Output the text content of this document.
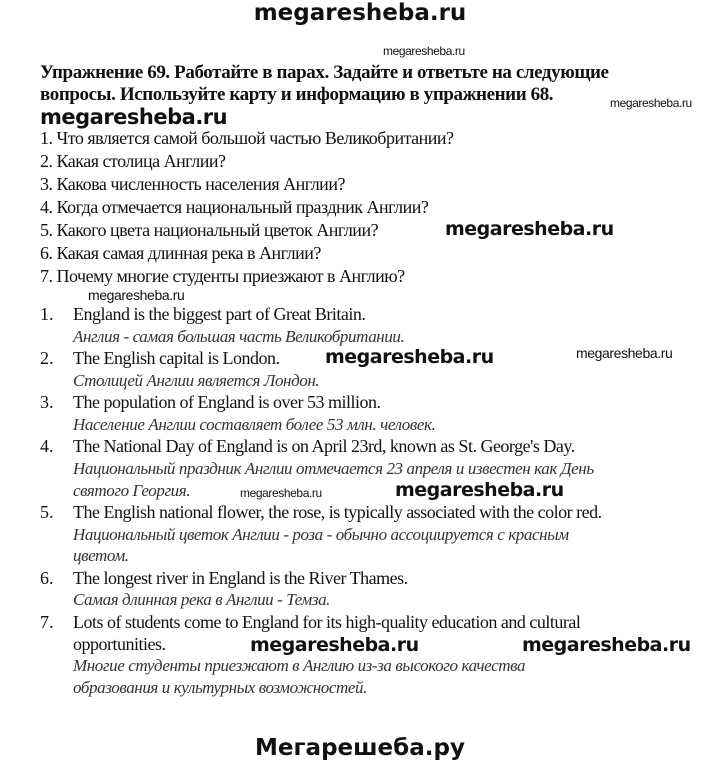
megaresheba.ru
megaresheba.ru
Упражнение 69. Работайте в парах. Задайте и ответьте на следующие
вопросы. Используйте карту и информацию в упражнении 68.	megaresheba.ru
megaresheba.ru
1. Что является самой большой частью Великобритании?
2. Какая столица Англии?
3. Какова численность населения Англии?
4. Когда отмечается национальный праздник Англии?
5. Какого цвета национальный цветок Англии?	megaresheba.ru
6. Какая самая длинная река в Англии?
7. Почему многие студенты приезжают в Англию?
megaresheba.ru
1. England is the biggest part of Great Britain.
Англия - самая большая часть Великобритании.
2. The English capital is London. megaresheba.ru	megaresheba.ru
Столицей Англии является Лондон.
3. The population of England is over 53 million.
Население Англии составляет более 53 млн. человек.
4. The National Day of England is on April 23rd, known as St. George's Day.
Национальный праздник Англии отмечается 23 апреля и известен как День
святого Георгия.	megaresheba.ru	megaresheba.ru
5. The English national flower, the rose, is typically associated with the color red.
Национальный цветок Англии - роза - обычно ассоциируется с красным
цветом.
6. The longest river in England is the River Thames.
Самая длинная река в Англии - Темза.
7. Lots of students come to England for its high-quality education and cultural
opportunities.	megaresheba.ru	megaresheba.ru
Многие студенты приезжают в Англию из-за высокого качества
образования и культурных возможностей.
Мегарешеба.ру
